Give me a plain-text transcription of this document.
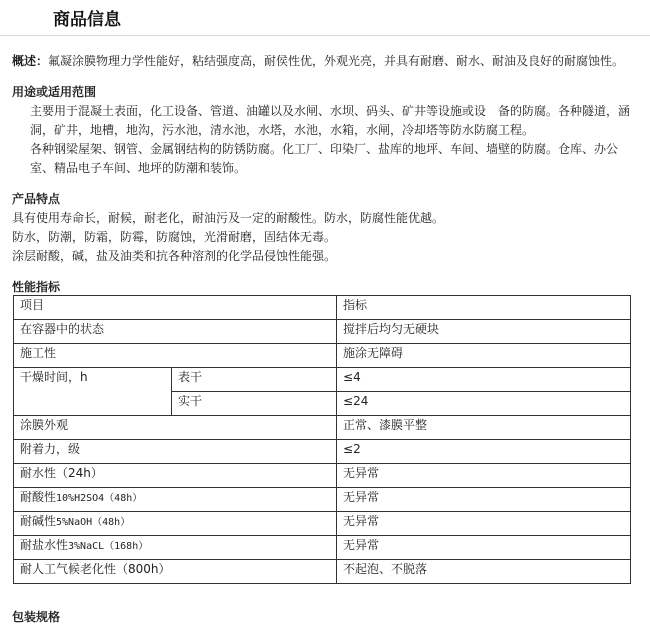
商品信息

概述：氟凝涂膜物理力学性能好，粘结强度高，耐侯性优，外观光亮，并具有耐磨、耐水、耐油及良好的耐腐蚀性。

用途或适用范围

主要用于混凝土表面，化工设备、管道、油罐以及水闸、水坝、码头、矿井等设施或设　备的防腐。各种隧道，涵洞，矿井，地槽，地沟，污水池，清水池，水塔，水池，水箱，水闸，冷却塔等防水防腐工程。

各种钢梁屋架、钢管、金属钢结构的防锈防腐。化工厂、印染厂、盐库的地坪、车间、墙壁的防腐。仓库、办公室、精品电子车间、地坪的防潮和装饰。

产品特点

具有使用寿命长，耐候，耐老化，耐油污及一定的耐酸性。防水，防腐性能优越。

防水，防潮，防霜，防霉，防腐蚀，光滑耐磨，固结体无毒。

涂层耐酸，碱，盐及油类和抗各种溶剂的化学品侵蚀性能强。

性能指标

项目		指标
在容器中的状态		搅拌后均匀无硬块
施工性		施涂无障碍
干燥时间，h	表干	≤4
	实干	≤24
涂膜外观		正常、漆膜平整
附着力，级		≤2
耐水性（24h）		无异常
耐酸性10%H2SO4（48h）		无异常
耐碱性5%NaOH（48h）		无异常
耐盐水性3%NaCL（168h）		无异常
耐人工气候老化性（800h）		不起泡、不脱落
包装规格
